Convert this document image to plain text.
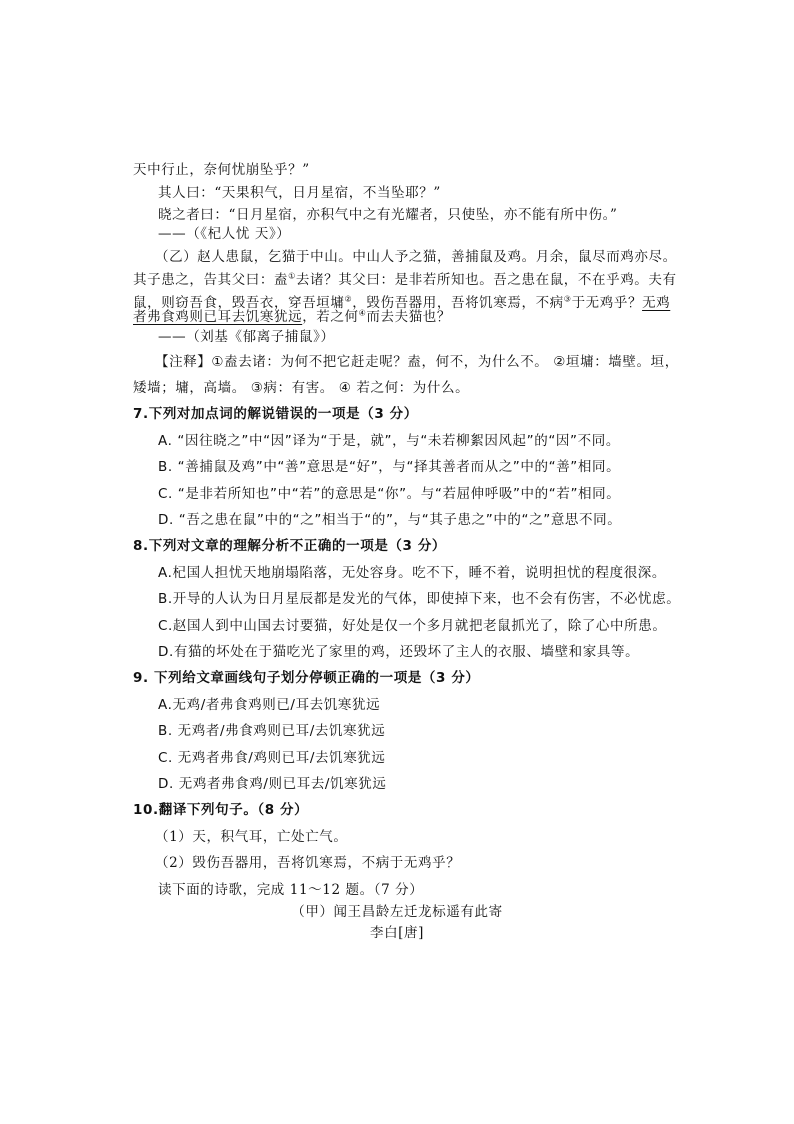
天中行止，奈何忧崩坠乎？”
其人曰：“天果积气，日月星宿，不当坠耶？”
晓之者曰：“日月星宿，亦积气中之有光耀者，只使坠，亦不能有所中伤。”
——（《杞人忧 天》）
（乙）赵人患鼠，乞猫于中山。中山人予之猫，善捕鼠及鸡。月余，鼠尽而鸡亦尽。
其子患之，告其父曰：盍①去诸？其父曰：是非若所知也。吾之患在鼠，不在乎鸡。夫有
鼠，则窃吾食，毁吾衣，穿吾垣墉②，毁伤吾器用，吾将饥寒焉，不病③于无鸡乎？无鸡
者弗食鸡则已耳去饥寒犹远，若之何④而去夫猫也？
——（刘基《郁离子捕鼠》）
【注释】①盍去诸：为何不把它赶走呢？盍，何不，为什么不。 ②垣墉：墙壁。垣，
矮墙；墉，高墙。 ③病：有害。 ④ 若之何：为什么。
7.下列对加点词的解说错误的一项是（3 分）
A. “因往晓之”中“因”译为“于是，就”，与“未若柳絮因风起”的“因”不同。
B. “善捕鼠及鸡”中“善”意思是“好”，与“择其善者而从之”中的“善”相同。
C. “是非若所知也”中“若”的意思是“你”。与“若屈伸呼吸”中的“若”相同。
D. “吾之患在鼠”中的“之”相当于“的”，与“其子患之”中的“之”意思不同。
8.下列对文章的理解分析不正确的一项是（3 分）
A.杞国人担忧天地崩塌陷落，无处容身。吃不下，睡不着，说明担忧的程度很深。
B.开导的人认为日月星辰都是发光的气体，即使掉下来，也不会有伤害，不必忧虑。
C.赵国人到中山国去讨要猫，好处是仅一个多月就把老鼠抓光了，除了心中所患。
D.有猫的坏处在于猫吃光了家里的鸡，还毁坏了主人的衣服、墙壁和家具等。
9. 下列给文章画线句子划分停顿正确的一项是（3 分）
A.无鸡/者弗食鸡则已/耳去饥寒犹远
B. 无鸡者/弗食鸡则已耳/去饥寒犹远
C. 无鸡者弗食/鸡则已耳/去饥寒犹远
D. 无鸡者弗食鸡/则已耳去/饥寒犹远
10.翻译下列句子。（8 分）
（1）天，积气耳，亡处亡气。
（2）毁伤吾器用，吾将饥寒焉，不病于无鸡乎？
读下面的诗歌，完成 11～12 题。（7 分）
（甲）闻王昌龄左迁龙标遥有此寄
李白[唐]
